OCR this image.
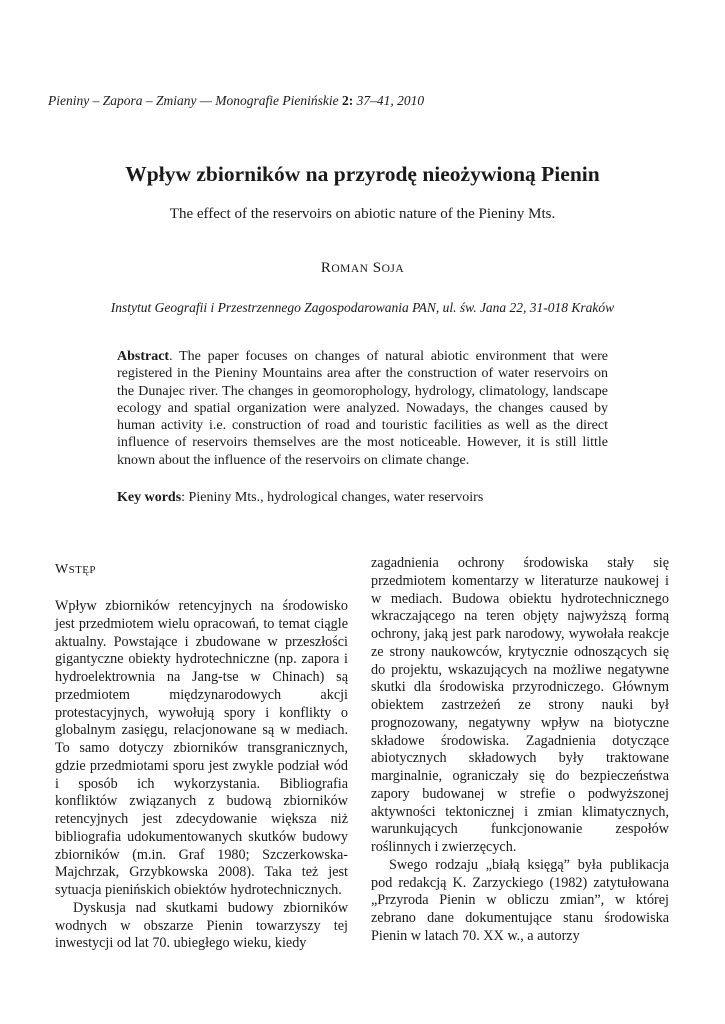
Pieniny – Zapora – Zmiany — Monografie Pienińskie 2: 37–41, 2010
Wpływ zbiorników na przyrodę nieożywioną Pienin
The effect of the reservoirs on abiotic nature of the Pieniny Mts.
ROMAN SOJA
Instytut Geografii i Przestrzennego Zagospodarowania PAN, ul. św. Jana 22, 31-018 Kraków
Abstract. The paper focuses on changes of natural abiotic environment that were registered in the Pieniny Mountains area after the construction of water reservoirs on the Dunajec river. The changes in geomorophology, hydrology, climatology, landscape ecology and spatial organization were analyzed. Nowadays, the changes caused by human activity i.e. construction of road and touristic facilities as well as the direct influence of reservoirs themselves are the most noticeable. However, it is still little known about the influence of the reservoirs on climate change.
Key words: Pieniny Mts., hydrological changes, water reservoirs
WSTĘP

Wpływ zbiorników retencyjnych na środowisko jest przedmiotem wielu opracowań, to temat ciągle aktualny. Powstające i zbudowane w przeszłości gigantyczne obiekty hydrotechniczne (np. zapora i hydroelektrownia na Jang-tse w Chinach) są przedmiotem międzynarodowych akcji protestacyjnych, wywołują spory i konflikty o globalnym zasięgu, relacjonowane są w mediach. To samo dotyczy zbiorników transgranicznych, gdzie przedmiotami sporu jest zwykle podział wód i sposób ich wykorzystania. Bibliografia konfliktów związanych z budową zbiorników retencyjnych jest zdecydowanie większa niż bibliografia udokumentowanych skutków budowy zbiorników (m.in. Graf 1980; Szczerkowska-Majchrzak, Grzybkowska 2008). Taka też jest sytuacja pienińskich obiektów hydrotechnicznych.

Dyskusja nad skutkami budowy zbiorników wodnych w obszarze Pienin towarzyszy tej inwestycji od lat 70. ubiegłego wieku, kiedy

zagadnienia ochrony środowiska stały się przedmiotem komentarzy w literaturze naukowej i w mediach. Budowa obiektu hydrotechnicznego wkraczającego na teren objęty najwyższą formą ochrony, jaką jest park narodowy, wywołała reakcje ze strony naukowców, krytycznie odnoszących się do projektu, wskazujących na możliwe negatywne skutki dla środowiska przyrodniczego. Głównym obiektem zastrzeżeń ze strony nauki był prognozowany, negatywny wpływ na biotyczne składowe środowiska. Zagadnienia dotyczące abiotycznych składowych były traktowane marginalnie, ograniczały się do bezpieczeństwa zapory budowanej w strefie o podwyższonej aktywności tektonicznej i zmian klimatycznych, warunkujących funkcjonowanie zespołów roślinnych i zwierzęcych.

Swego rodzaju „białą księgą” była publikacja pod redakcją K. Zarzyckiego (1982) zatytułowana „Przyroda Pienin w obliczu zmian”, w której zebrano dane dokumentujące stanu środowiska Pienin w latach 70. XX w., a autorzy
